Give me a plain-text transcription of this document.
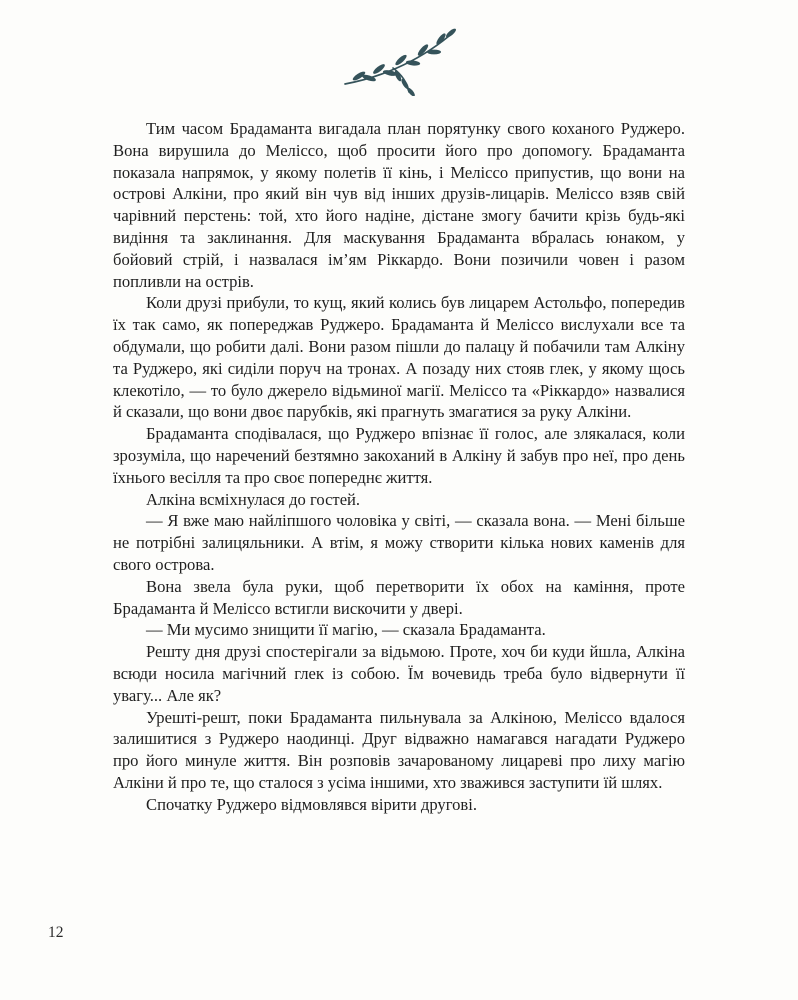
Тим часом Брадаманта вигадала план порятунку свого коханого Руджеро. Вона вирушила до Меліссо, щоб просити його про допомогу. Брадаманта показала напрямок, у якому полетів її кінь, і Меліссо припустив, що вони на острові Алкіни, про який він чув від інших друзів-лицарів. Меліссо взяв свій чарівний перстень: той, хто його надіне, дістане змогу бачити крізь будь-які видіння та заклинання. Для маскування Брадаманта вбралась юнаком, у бойовий стрій, і назвалася ім’ям Ріккардо. Вони позичили човен і разом попливли на острів.

Коли друзі прибули, то кущ, який колись був лицарем Астольфо, попередив їх так само, як попереджав Руджеро. Брадаманта й Меліссо вислухали все та обдумали, що робити далі. Вони разом пішли до палацу й побачили там Алкіну та Руджеро, які сиділи поруч на тронах. А позаду них стояв глек, у якому щось клекотіло, — то було джерело відьминої магії. Меліссо та «Ріккардо» назвалися й сказали, що вони двоє парубків, які прагнуть змагатися за руку Алкіни.

Брадаманта сподівалася, що Руджеро впізнає її голос, але злякалася, коли зрозуміла, що наречений безтямно закоханий в Алкіну й забув про неї, про день їхнього весілля та про своє попереднє життя.

Алкіна всміхнулася до гостей.

— Я вже маю найліпшого чоловіка у світі, — сказала вона. — Мені більше не потрібні залицяльники. А втім, я можу створити кілька нових каменів для свого острова.

Вона звела була руки, щоб перетворити їх обох на каміння, проте Брадаманта й Меліссо встигли вискочити у двері.

— Ми мусимо знищити її магію, — сказала Брадаманта.

Решту дня друзі спостерігали за відьмою. Проте, хоч би куди йшла, Алкіна всюди носила магічний глек із собою. Їм вочевидь треба було відвернути її увагу... Але як?

Урешті-решт, поки Брадаманта пильнувала за Алкіною, Меліссо вдалося залишитися з Руджеро наодинці. Друг відважно намагався нагадати Руджеро про його минуле життя. Він розповів зачарованому лицареві про лиху магію Алкіни й про те, що сталося з усіма іншими, хто зважився заступити їй шлях.

Спочатку Руджеро відмовлявся вірити другові.

12
